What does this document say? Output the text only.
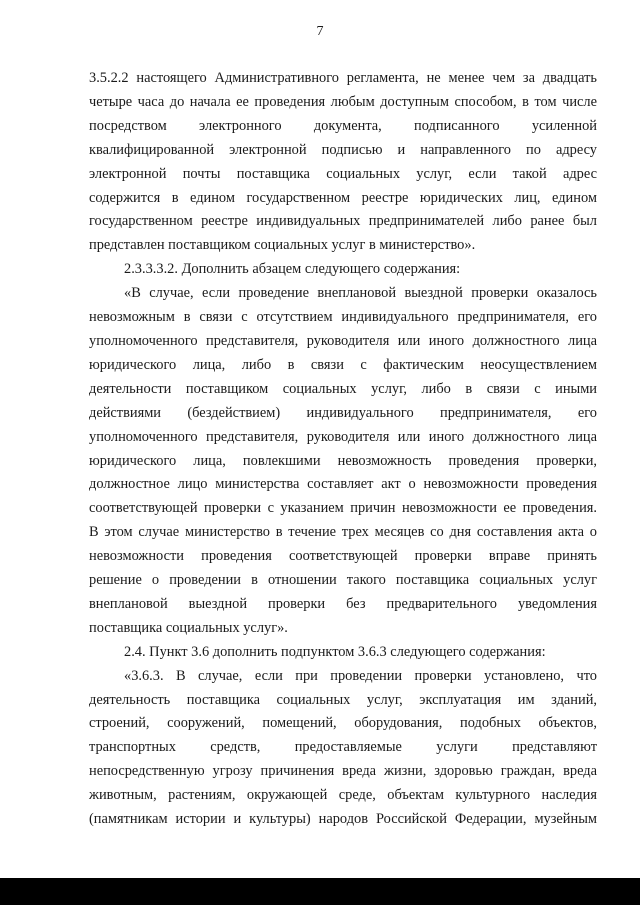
7

3.5.2.2 настоящего Административного регламента, не менее чем за двадцать

четыре часа до начала ее проведения любым доступным способом, в том числе

посредством электронного документа, подписанного усиленной

квалифицированной электронной подписью и направленного по адресу

электронной почты поставщика социальных услуг, если такой адрес

содержится в едином государственном реестре юридических лиц, едином

государственном реестре индивидуальных предпринимателей либо ранее был

представлен поставщиком социальных услуг в министерство».

2.3.3.3.2. Дополнить абзацем следующего содержания:

«В случае, если проведение внеплановой выездной проверки оказалось

невозможным в связи с отсутствием индивидуального предпринимателя, его

уполномоченного представителя, руководителя или иного должностного лица

юридического лица, либо в связи с фактическим неосуществлением

деятельности поставщиком социальных услуг, либо в связи с иными

действиями (бездействием) индивидуального предпринимателя, его

уполномоченного представителя, руководителя или иного должностного лица

юридического лица, повлекшими невозможность проведения проверки,

должностное лицо министерства составляет акт о невозможности проведения

соответствующей проверки с указанием причин невозможности ее проведения.

В этом случае министерство в течение трех месяцев со дня составления акта о

невозможности проведения соответствующей проверки вправе принять

решение о проведении в отношении такого поставщика социальных услуг

внеплановой выездной проверки без предварительного уведомления

поставщика социальных услуг».

2.4. Пункт 3.6 дополнить подпунктом 3.6.3 следующего содержания:

«3.6.3. В случае, если при проведении проверки установлено, что

деятельность поставщика социальных услуг, эксплуатация им зданий,

строений, сооружений, помещений, оборудования, подобных объектов,

транспортных средств, предоставляемые услуги представляют

непосредственную угрозу причинения вреда жизни, здоровью граждан, вреда

животным, растениям, окружающей среде, объектам культурного наследия

(памятникам истории и культуры) народов Российской Федерации, музейным
